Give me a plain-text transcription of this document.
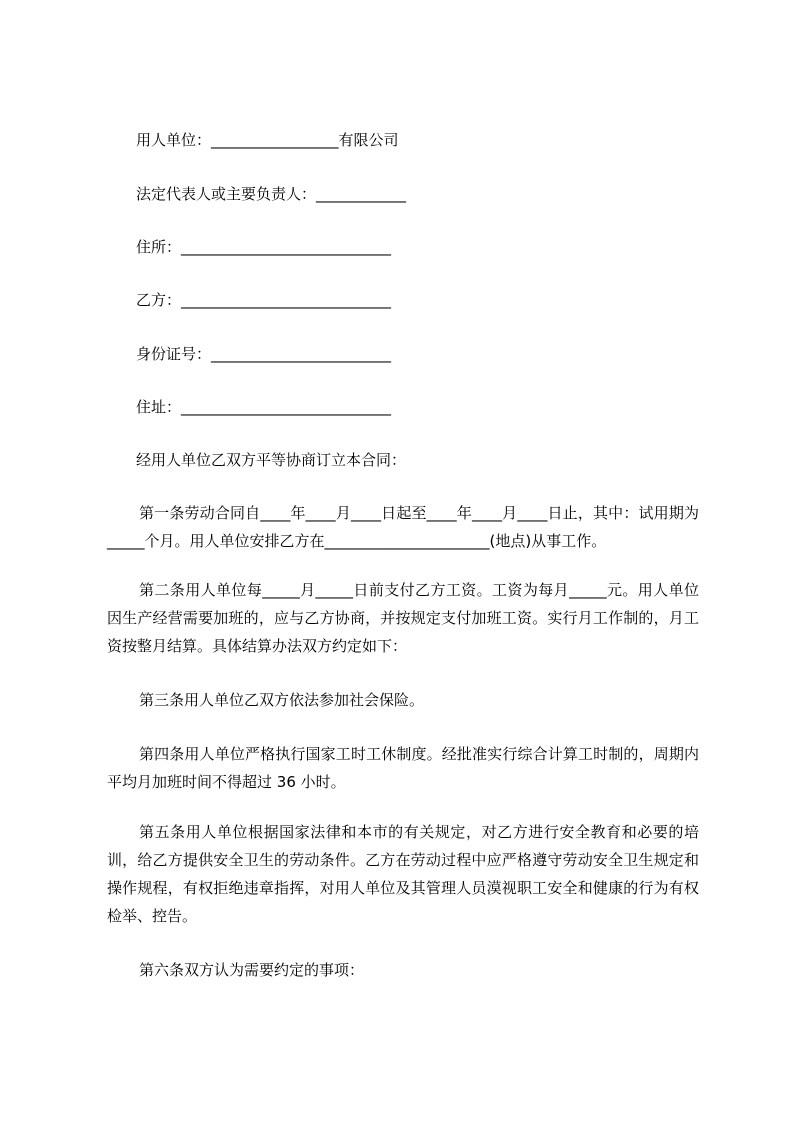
用人单位：_________________有限公司
法定代表人或主要负责人：____________
住所：____________________________
乙方：____________________________
身份证号：________________________
住址：____________________________
经用人单位乙双方平等协商订立本合同：
第一条劳动合同自____年____月____日起至____年____月____日止，其中：试用期为_____个月。用人单位安排乙方在______________________(地点)从事工作。
第二条用人单位每_____月_____日前支付乙方工资。工资为每月_____元。用人单位因生产经营需要加班的，应与乙方协商，并按规定支付加班工资。实行月工作制的，月工资按整月结算。具体结算办法双方约定如下：
第三条用人单位乙双方依法参加社会保险。
第四条用人单位严格执行国家工时工休制度。经批准实行综合计算工时制的，周期内平均月加班时间不得超过 36 小时。
第五条用人单位根据国家法律和本市的有关规定，对乙方进行安全教育和必要的培训，给乙方提供安全卫生的劳动条件。乙方在劳动过程中应严格遵守劳动安全卫生规定和操作规程，有权拒绝违章指挥，对用人单位及其管理人员漠视职工安全和健康的行为有权检举、控告。
第六条双方认为需要约定的事项：
